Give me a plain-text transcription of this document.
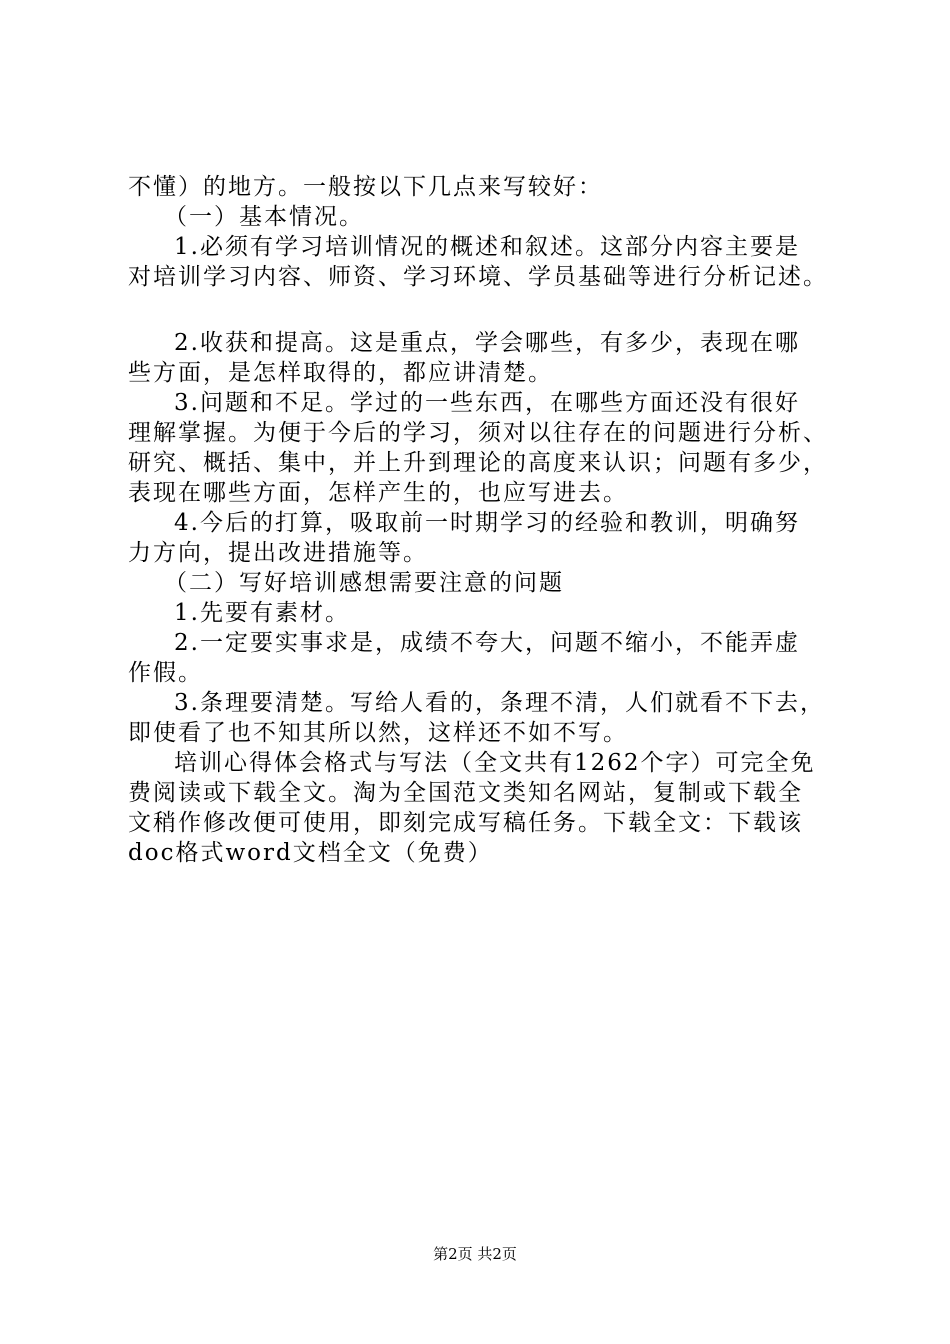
不懂）的地方。一般按以下几点来写较好：
（一）基本情况。
1.必须有学习培训情况的概述和叙述。这部分内容主要是
对培训学习内容、师资、学习环境、学员基础等进行分析记述。
2.收获和提高。这是重点，学会哪些，有多少，表现在哪
些方面，是怎样取得的，都应讲清楚。
3.问题和不足。学过的一些东西，在哪些方面还没有很好
理解掌握。为便于今后的学习，须对以往存在的问题进行分析、
研究、概括、集中，并上升到理论的高度来认识；问题有多少，
表现在哪些方面，怎样产生的，也应写进去。
4.今后的打算，吸取前一时期学习的经验和教训，明确努
力方向，提出改进措施等。
（二）写好培训感想需要注意的问题
1.先要有素材。
2.一定要实事求是，成绩不夸大，问题不缩小，不能弄虚
作假。
3.条理要清楚。写给人看的，条理不清，人们就看不下去，
即使看了也不知其所以然，这样还不如不写。
培训心得体会格式与写法（全文共有1262个字）可完全免
费阅读或下载全文。淘为全国范文类知名网站，复制或下载全
文稍作修改便可使用，即刻完成写稿任务。下载全文：下载该
doc格式word文档全文（免费）
第2页 共2页
